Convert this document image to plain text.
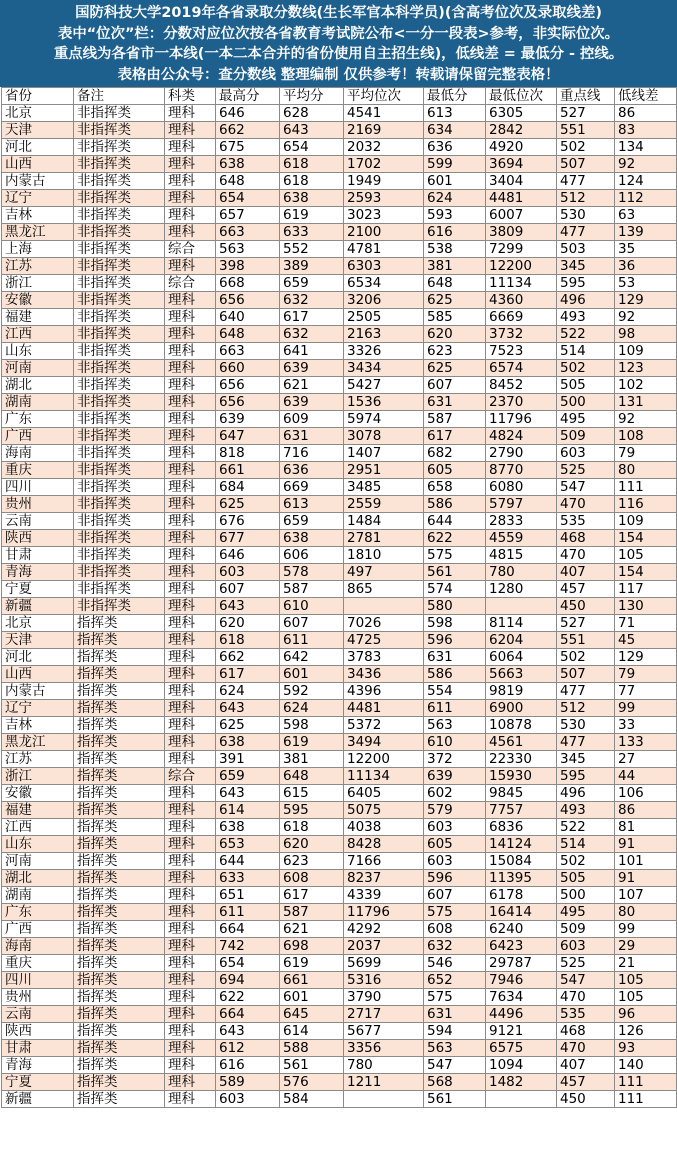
国防科技大学2019年各省录取分数线(生长军官本科学员)(含高考位次及录取线差)
表中“位次”栏：分数对应位次按各省教育考试院公布<一分一段表>参考，非实际位次。
重点线为各省市一本线(一本二本合并的省份使用自主招生线)，低线差 = 最低分 - 控线。
表格由公众号：查分数线 整理编制 仅供参考！转载请保留完整表格！
省份	备注	科类	最高分	平均分	平均位次	最低分	最低位次	重点线	低线差
北京	非指挥类	理科	646	628	4541	613	6305	527	86
天津	非指挥类	理科	662	643	2169	634	2842	551	83
河北	非指挥类	理科	675	654	2032	636	4920	502	134
山西	非指挥类	理科	638	618	1702	599	3694	507	92
内蒙古	非指挥类	理科	648	618	1949	601	3404	477	124
辽宁	非指挥类	理科	654	638	2593	624	4481	512	112
吉林	非指挥类	理科	657	619	3023	593	6007	530	63
黑龙江	非指挥类	理科	663	633	2100	616	3809	477	139
上海	非指挥类	综合	563	552	4781	538	7299	503	35
江苏	非指挥类	理科	398	389	6303	381	12200	345	36
浙江	非指挥类	综合	668	659	6534	648	11134	595	53
安徽	非指挥类	理科	656	632	3206	625	4360	496	129
福建	非指挥类	理科	640	617	2505	585	6669	493	92
江西	非指挥类	理科	648	632	2163	620	3732	522	98
山东	非指挥类	理科	663	641	3326	623	7523	514	109
河南	非指挥类	理科	660	639	3434	625	6574	502	123
湖北	非指挥类	理科	656	621	5427	607	8452	505	102
湖南	非指挥类	理科	656	639	1536	631	2370	500	131
广东	非指挥类	理科	639	609	5974	587	11796	495	92
广西	非指挥类	理科	647	631	3078	617	4824	509	108
海南	非指挥类	理科	818	716	1407	682	2790	603	79
重庆	非指挥类	理科	661	636	2951	605	8770	525	80
四川	非指挥类	理科	684	669	3485	658	6080	547	111
贵州	非指挥类	理科	625	613	2559	586	5797	470	116
云南	非指挥类	理科	676	659	1484	644	2833	535	109
陕西	非指挥类	理科	677	638	2781	622	4559	468	154
甘肃	非指挥类	理科	646	606	1810	575	4815	470	105
青海	非指挥类	理科	603	578	497	561	780	407	154
宁夏	非指挥类	理科	607	587	865	574	1280	457	117
新疆	非指挥类	理科	643	610		580		450	130
北京	指挥类	理科	620	607	7026	598	8114	527	71
天津	指挥类	理科	618	611	4725	596	6204	551	45
河北	指挥类	理科	662	642	3783	631	6064	502	129
山西	指挥类	理科	617	601	3436	586	5663	507	79
内蒙古	指挥类	理科	624	592	4396	554	9819	477	77
辽宁	指挥类	理科	643	624	4481	611	6900	512	99
吉林	指挥类	理科	625	598	5372	563	10878	530	33
黑龙江	指挥类	理科	638	619	3494	610	4561	477	133
江苏	指挥类	理科	391	381	12200	372	22330	345	27
浙江	指挥类	综合	659	648	11134	639	15930	595	44
安徽	指挥类	理科	643	615	6405	602	9845	496	106
福建	指挥类	理科	614	595	5075	579	7757	493	86
江西	指挥类	理科	638	618	4038	603	6836	522	81
山东	指挥类	理科	653	620	8428	605	14124	514	91
河南	指挥类	理科	644	623	7166	603	15084	502	101
湖北	指挥类	理科	633	608	8237	596	11395	505	91
湖南	指挥类	理科	651	617	4339	607	6178	500	107
广东	指挥类	理科	611	587	11796	575	16414	495	80
广西	指挥类	理科	664	621	4292	608	6240	509	99
海南	指挥类	理科	742	698	2037	632	6423	603	29
重庆	指挥类	理科	654	619	5699	546	29787	525	21
四川	指挥类	理科	694	661	5316	652	7946	547	105
贵州	指挥类	理科	622	601	3790	575	7634	470	105
云南	指挥类	理科	664	645	2717	631	4496	535	96
陕西	指挥类	理科	643	614	5677	594	9121	468	126
甘肃	指挥类	理科	612	588	3356	563	6575	470	93
青海	指挥类	理科	616	561	780	547	1094	407	140
宁夏	指挥类	理科	589	576	1211	568	1482	457	111
新疆	指挥类	理科	603	584		561		450	111
